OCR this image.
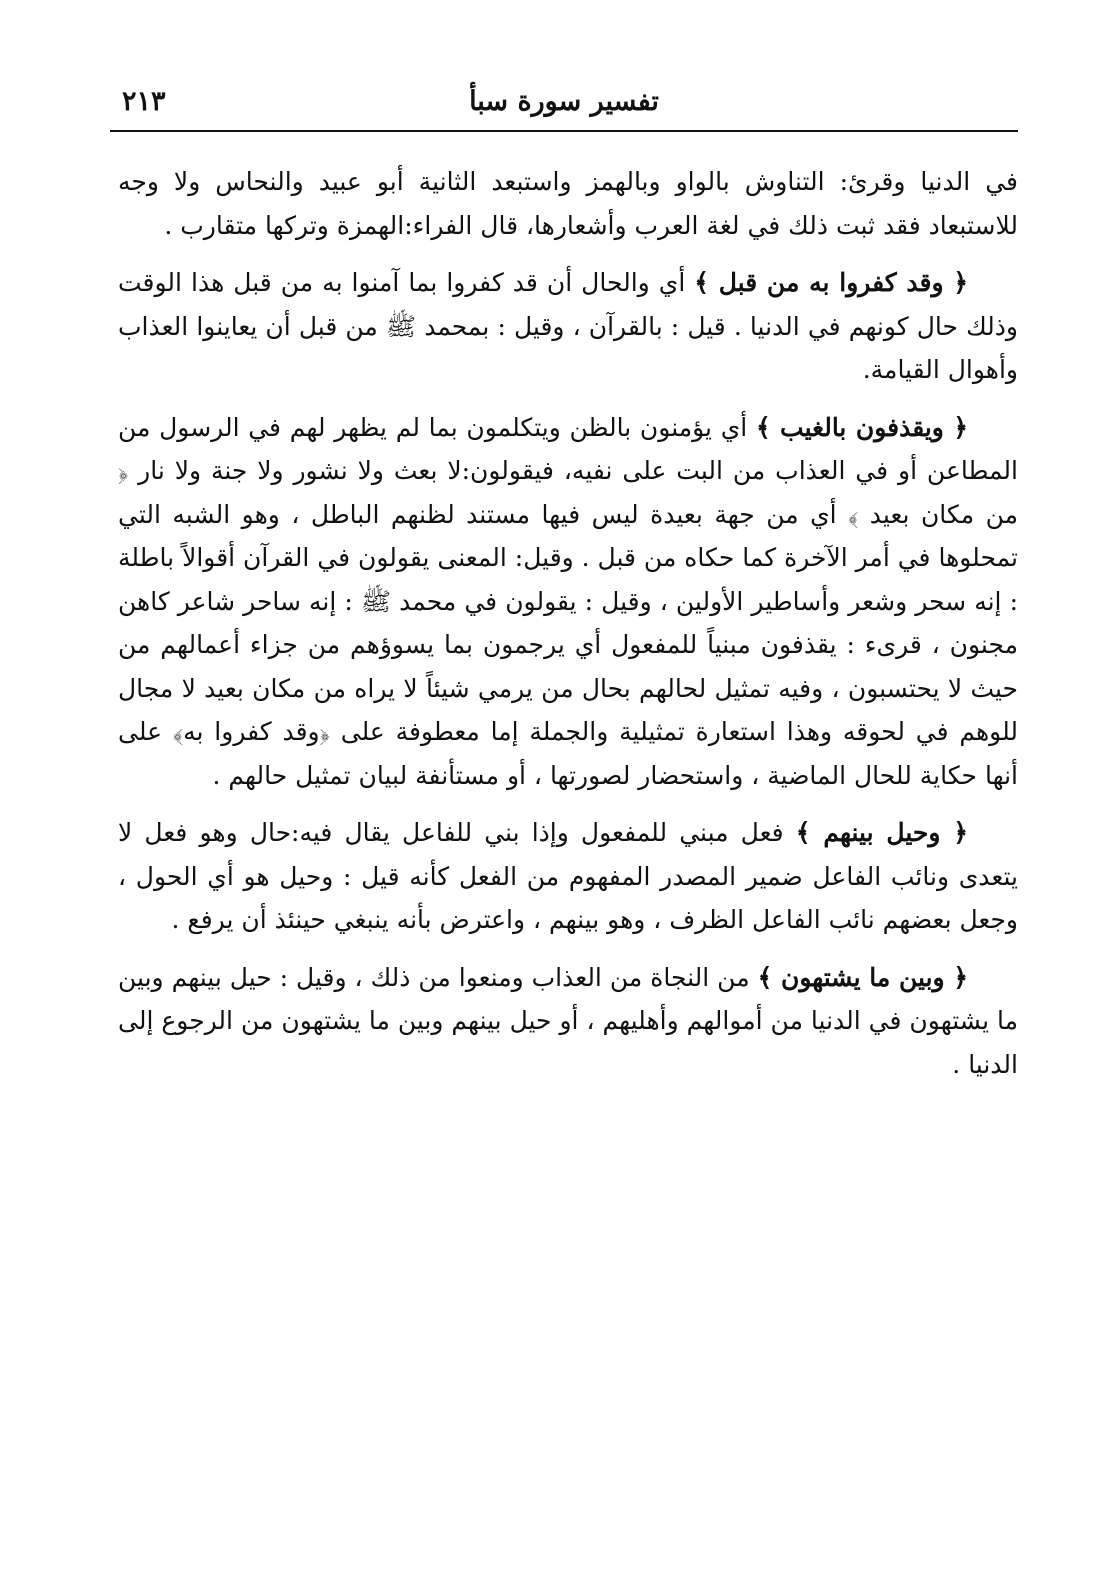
تفسير سورة سبأ
٢١٣

في الدنيا وقرئ: التناوش بالواو وبالهمز واستبعد الثانية أبو عبيد والنحاس ولا وجه للاستبعاد فقد ثبت ذلك في لغة العرب وأشعارها، قال الفراء:الهمزة وتركها متقارب .

﴿ وقد كفروا به من قبل ﴾ أي والحال أن قد كفروا بما آمنوا به من قبل هذا الوقت وذلك حال كونهم في الدنيا . قيل : بالقرآن ، وقيل : بمحمد ﷺ من قبل أن يعاينوا العذاب وأهوال القيامة.

﴿ ويقذفون بالغيب ﴾ أي يؤمنون بالظن ويتكلمون بما لم يظهر لهم في الرسول من المطاعن أو في العذاب من البت على نفيه، فيقولون:لا بعث ولا نشور ولا جنة ولا نار ﴿ من مكان بعيد ﴾ أي من جهة بعيدة ليس فيها مستند لظنهم الباطل ، وهو الشبه التي تمحلوها في أمر الآخرة كما حكاه من قبل . وقيل: المعنى يقولون في القرآن أقوالاً باطلة : إنه سحر وشعر وأساطير الأولين ، وقيل : يقولون في محمد ﷺ : إنه ساحر شاعر كاهن مجنون ، قرىء : يقذفون مبنياً للمفعول أي يرجمون بما يسوؤهم من جزاء أعمالهم من حيث لا يحتسبون ، وفيه تمثيل لحالهم بحال من يرمي شيئاً لا يراه من مكان بعيد لا مجال للوهم في لحوقه وهذا استعارة تمثيلية والجملة إما معطوفة على ﴿وقد كفروا به﴾ على أنها حكاية للحال الماضية ، واستحضار لصورتها ، أو مستأنفة لبيان تمثيل حالهم .

﴿ وحيل بينهم ﴾ فعل مبني للمفعول وإذا بني للفاعل يقال فيه:حال وهو فعل لا يتعدى ونائب الفاعل ضمير المصدر المفهوم من الفعل كأنه قيل : وحيل هو أي الحول ، وجعل بعضهم نائب الفاعل الظرف ، وهو بينهم ، واعترض بأنه ينبغي حينئذ أن يرفع .

﴿ وبين ما يشتهون ﴾ من النجاة من العذاب ومنعوا من ذلك ، وقيل : حيل بينهم وبين ما يشتهون في الدنيا من أموالهم وأهليهم ، أو حيل بينهم وبين ما يشتهون من الرجوع إلى الدنيا .
